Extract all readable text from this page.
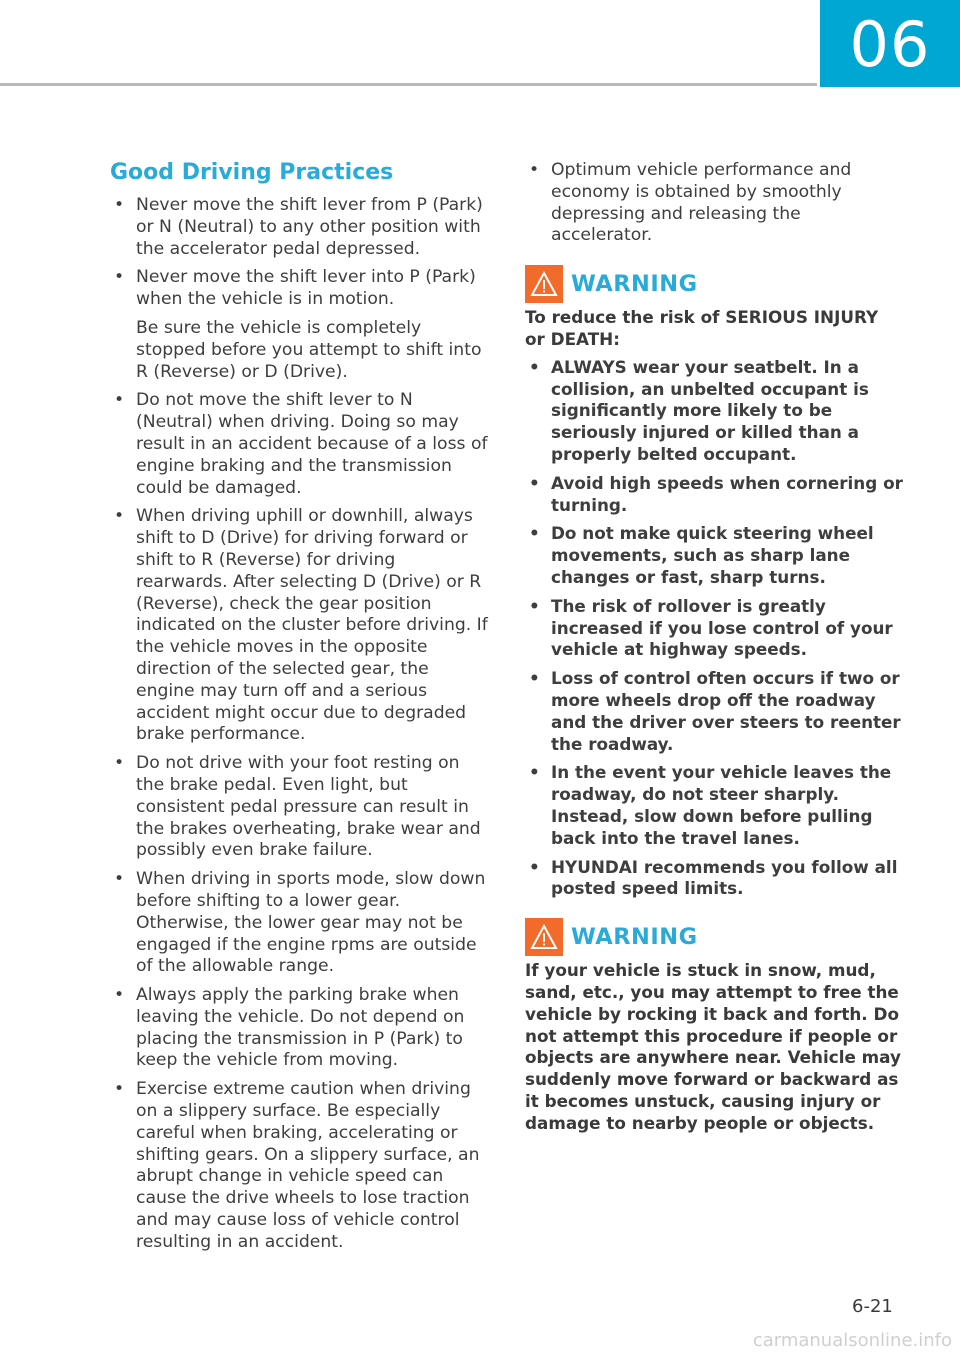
06
Good Driving Practices
• Never move the shift lever from P (Park) or N (Neutral) to any other position with the accelerator pedal depressed.
• Never move the shift lever into P (Park) when the vehicle is in motion.
Be sure the vehicle is completely stopped before you attempt to shift into R (Reverse) or D (Drive).
• Do not move the shift lever to N (Neutral) when driving. Doing so may result in an accident because of a loss of engine braking and the transmission could be damaged.
• When driving uphill or downhill, always shift to D (Drive) for driving forward or shift to R (Reverse) for driving rearwards. After selecting D (Drive) or R (Reverse), check the gear position indicated on the cluster before driving. If the vehicle moves in the opposite direction of the selected gear, the engine may turn off and a serious accident might occur due to degraded brake performance.
• Do not drive with your foot resting on the brake pedal. Even light, but consistent pedal pressure can result in the brakes overheating, brake wear and possibly even brake failure.
• When driving in sports mode, slow down before shifting to a lower gear. Otherwise, the lower gear may not be engaged if the engine rpms are outside of the allowable range.
• Always apply the parking brake when leaving the vehicle. Do not depend on placing the transmission in P (Park) to keep the vehicle from moving.
• Exercise extreme caution when driving on a slippery surface. Be especially careful when braking, accelerating or shifting gears. On a slippery surface, an abrupt change in vehicle speed can cause the drive wheels to lose traction and may cause loss of vehicle control resulting in an accident.
• Optimum vehicle performance and economy is obtained by smoothly depressing and releasing the accelerator.
WARNING

To reduce the risk of SERIOUS INJURY or DEATH:

• ALWAYS wear your seatbelt. In a collision, an unbelted occupant is significantly more likely to be seriously injured or killed than a properly belted occupant.
• Avoid high speeds when cornering or turning.
• Do not make quick steering wheel movements, such as sharp lane changes or fast, sharp turns.
• The risk of rollover is greatly increased if you lose control of your vehicle at highway speeds.
• Loss of control often occurs if two or more wheels drop off the roadway and the driver over steers to reenter the roadway.
• In the event your vehicle leaves the roadway, do not steer sharply. Instead, slow down before pulling back into the travel lanes.
• HYUNDAI recommends you follow all posted speed limits.
WARNING

If your vehicle is stuck in snow, mud, sand, etc., you may attempt to free the vehicle by rocking it back and forth. Do not attempt this procedure if people or objects are anywhere near. Vehicle may suddenly move forward or backward as it becomes unstuck, causing injury or damage to nearby people or objects.

6-21
carmanualsonline.info
